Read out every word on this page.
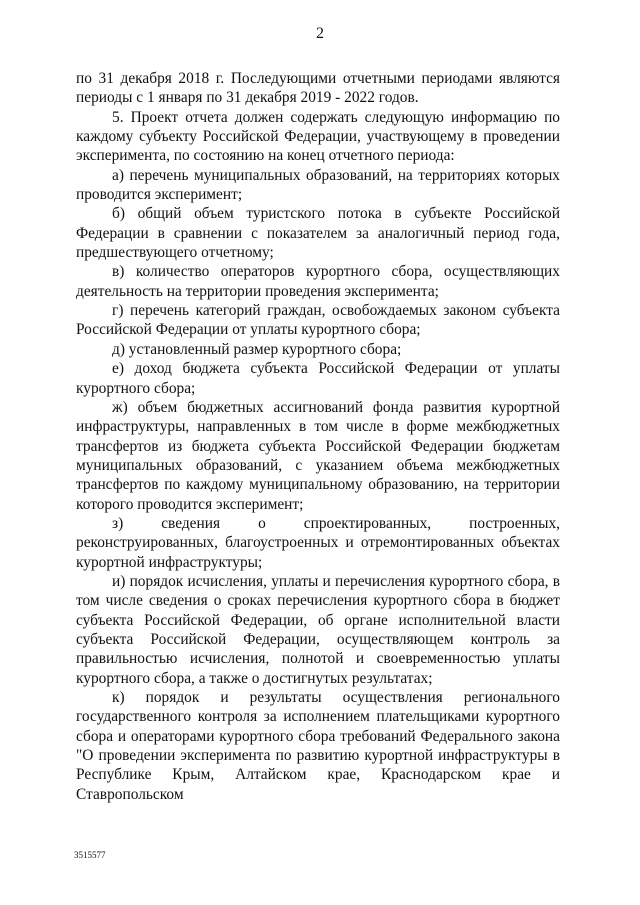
2

по 31 декабря 2018 г. Последующими отчетными периодами являются периоды с 1 января по 31 декабря 2019 - 2022 годов.

5. Проект отчета должен содержать следующую информацию по каждому субъекту Российской Федерации, участвующему в проведении эксперимента, по состоянию на конец отчетного периода:

а) перечень муниципальных образований, на территориях которых проводится эксперимент;

б) общий объем туристского потока в субъекте Российской Федерации в сравнении с показателем за аналогичный период года, предшествующего отчетному;

в) количество операторов курортного сбора, осуществляющих деятельность на территории проведения эксперимента;

г) перечень категорий граждан, освобождаемых законом субъекта Российской Федерации от уплаты курортного сбора;

д) установленный размер курортного сбора;

е) доход бюджета субъекта Российской Федерации от уплаты курортного сбора;

ж) объем бюджетных ассигнований фонда развития курортной инфраструктуры, направленных в том числе в форме межбюджетных трансфертов из бюджета субъекта Российской Федерации бюджетам муниципальных образований, с указанием объема межбюджетных трансфертов по каждому муниципальному образованию, на территории которого проводится эксперимент;

з) сведения о спроектированных, построенных, реконструированных, благоустроенных и отремонтированных объектах курортной инфраструктуры;

и) порядок исчисления, уплаты и перечисления курортного сбора, в том числе сведения о сроках перечисления курортного сбора в бюджет субъекта Российской Федерации, об органе исполнительной власти субъекта Российской Федерации, осуществляющем контроль за правильностью исчисления, полнотой и своевременностью уплаты курортного сбора, а также о достигнутых результатах;

к) порядок и результаты осуществления регионального государственного контроля за исполнением плательщиками курортного сбора и операторами курортного сбора требований Федерального закона "О проведении эксперимента по развитию курортной инфраструктуры в Республике Крым, Алтайском крае, Краснодарском крае и Ставропольском

3515577
